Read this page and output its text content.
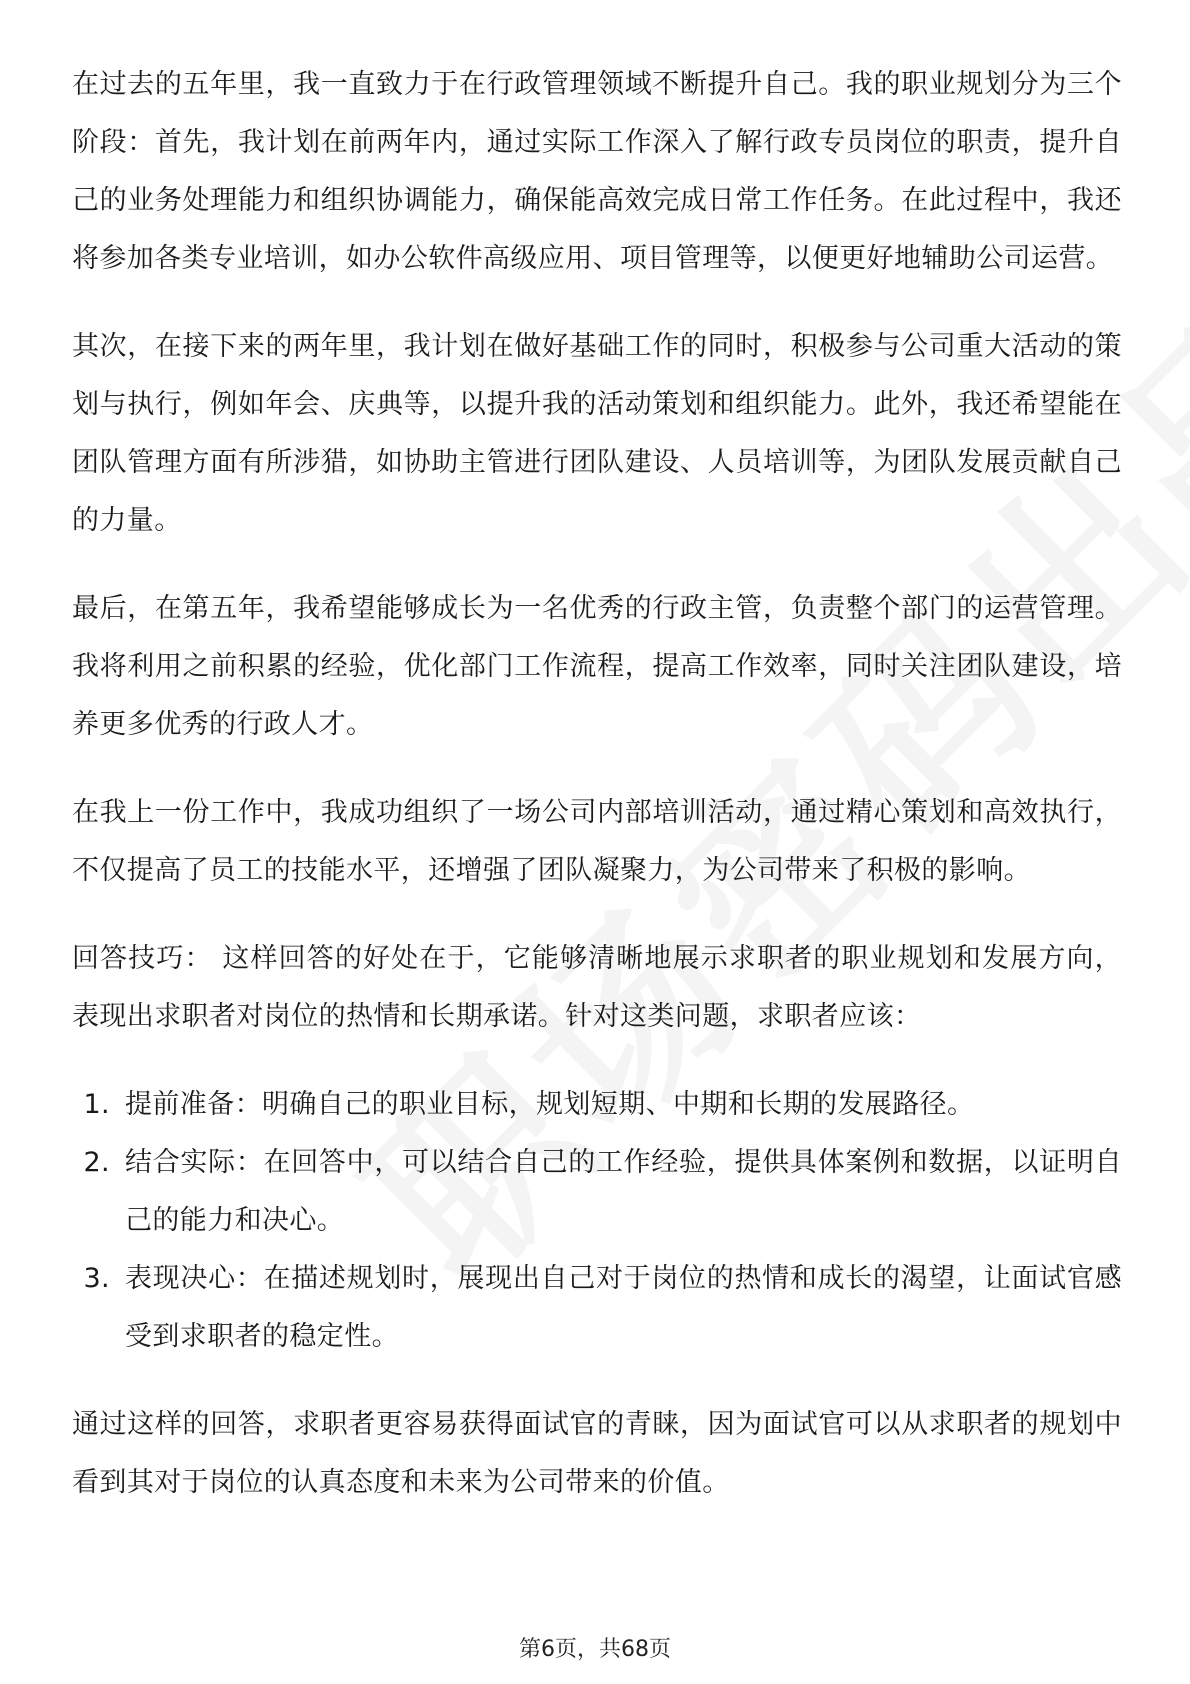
在过去的五年里，我一直致力于在行政管理领域不断提升自己。我的职业规划分为三个阶段：首先，我计划在前两年内，通过实际工作深入了解行政专员岗位的职责，提升自己的业务处理能力和组织协调能力，确保能高效完成日常工作任务。在此过程中，我还将参加各类专业培训，如办公软件高级应用、项目管理等，以便更好地辅助公司运营。

其次，在接下来的两年里，我计划在做好基础工作的同时，积极参与公司重大活动的策划与执行，例如年会、庆典等，以提升我的活动策划和组织能力。此外，我还希望能在团队管理方面有所涉猎，如协助主管进行团队建设、人员培训等，为团队发展贡献自己的力量。

最后，在第五年，我希望能够成长为一名优秀的行政主管，负责整个部门的运营管理。我将利用之前积累的经验，优化部门工作流程，提高工作效率，同时关注团队建设，培养更多优秀的行政人才。

在我上一份工作中，我成功组织了一场公司内部培训活动，通过精心策划和高效执行，不仅提高了员工的技能水平，还增强了团队凝聚力，为公司带来了积极的影响。

回答技巧： 这样回答的好处在于，它能够清晰地展示求职者的职业规划和发展方向，表现出求职者对岗位的热情和长期承诺。针对这类问题，求职者应该：

1. 提前准备：明确自己的职业目标，规划短期、中期和长期的发展路径。
2. 结合实际：在回答中，可以结合自己的工作经验，提供具体案例和数据，以证明自己的能力和决心。
3. 表现决心：在描述规划时，展现出自己对于岗位的热情和成长的渴望，让面试官感受到求职者的稳定性。

通过这样的回答，求职者更容易获得面试官的青睐，因为面试官可以从求职者的规划中看到其对于岗位的认真态度和未来为公司带来的价值。

第6页，共68页
